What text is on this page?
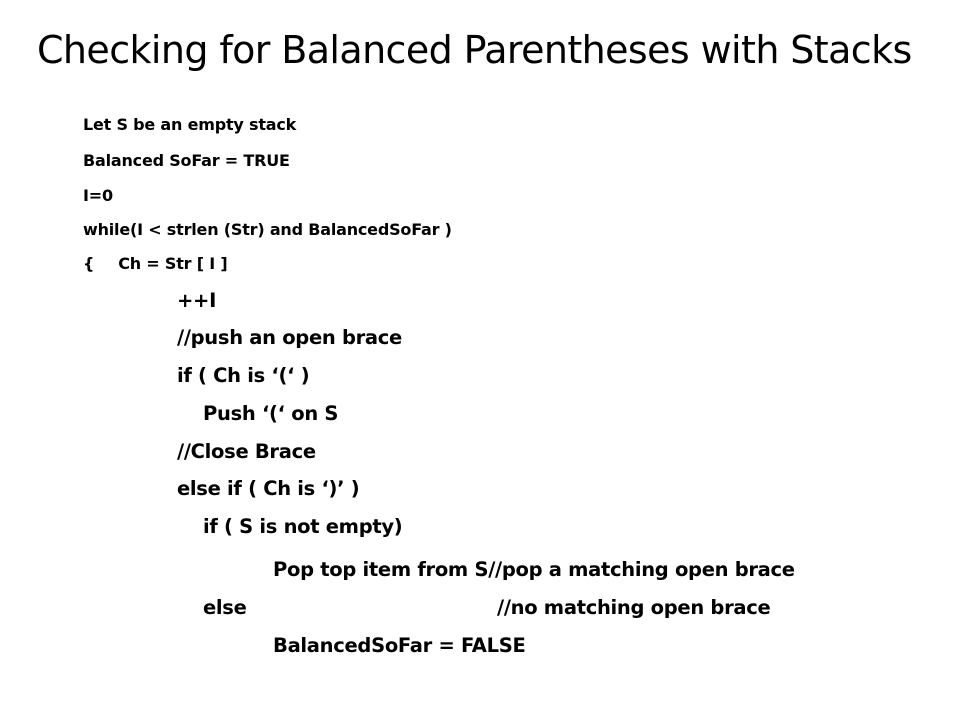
Checking for Balanced Parentheses with Stacks
Let S be an empty stack
Balanced SoFar = TRUE
I=0
while(I < strlen (Str) and BalancedSoFar )
{ Ch = Str [ I ]
++I
//push an open brace
if ( Ch is ‘(‘ )
Push ‘(‘ on S
//Close Brace
else if ( Ch is ‘)’ )
if ( S is not empty)
Pop top item from S//pop a matching open brace
else	//no matching open brace
BalancedSoFar = FALSE
